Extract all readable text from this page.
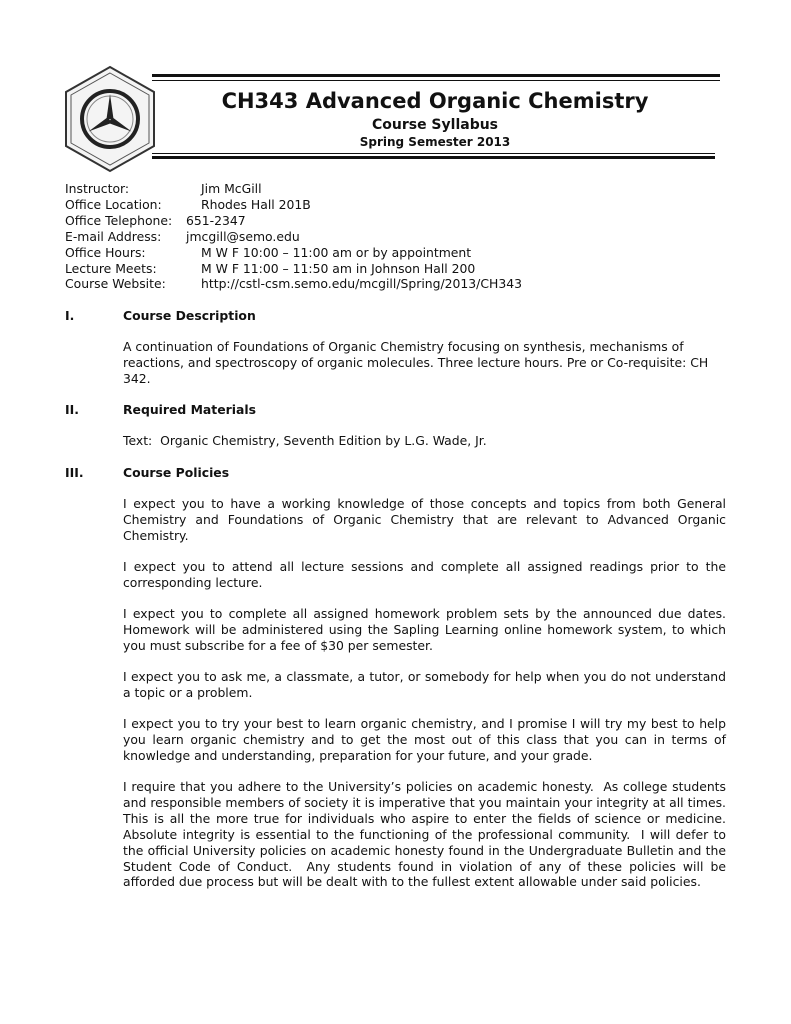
CH343 Advanced Organic Chemistry
Course Syllabus
Spring Semester 2013
Instructor:	Jim McGill
Office Location:	Rhodes Hall 201B
Office Telephone:	651-2347
E-mail Address:	jmcgill@semo.edu
Office Hours:	M W F 10:00 – 11:00 am or by appointment
Lecture Meets:	M W F 11:00 – 11:50 am in Johnson Hall 200
Course Website:	http://cstl-csm.semo.edu/mcgill/Spring/2013/CH343
I.	Course Description
A continuation of Foundations of Organic Chemistry focusing on synthesis, mechanisms of reactions, and spectroscopy of organic molecules. Three lecture hours. Pre or Co-requisite: CH 342.
II.	Required Materials
Text:  Organic Chemistry, Seventh Edition by L.G. Wade, Jr.
III.	Course Policies
I expect you to have a working knowledge of those concepts and topics from both General Chemistry and Foundations of Organic Chemistry that are relevant to Advanced Organic Chemistry.
I expect you to attend all lecture sessions and complete all assigned readings prior to the corresponding lecture.
I expect you to complete all assigned homework problem sets by the announced due dates. Homework will be administered using the Sapling Learning online homework system, to which you must subscribe for a fee of $30 per semester.
I expect you to ask me, a classmate, a tutor, or somebody for help when you do not understand a topic or a problem.
I expect you to try your best to learn organic chemistry, and I promise I will try my best to help you learn organic chemistry and to get the most out of this class that you can in terms of knowledge and understanding, preparation for your future, and your grade.
I require that you adhere to the University’s policies on academic honesty.  As college students and responsible members of society it is imperative that you maintain your integrity at all times.  This is all the more true for individuals who aspire to enter the fields of science or medicine.  Absolute integrity is essential to the functioning of the professional community.  I will defer to the official University policies on academic honesty found in the Undergraduate Bulletin and the Student Code of Conduct.  Any students found in violation of any of these policies will be afforded due process but will be dealt with to the fullest extent allowable under said policies.
